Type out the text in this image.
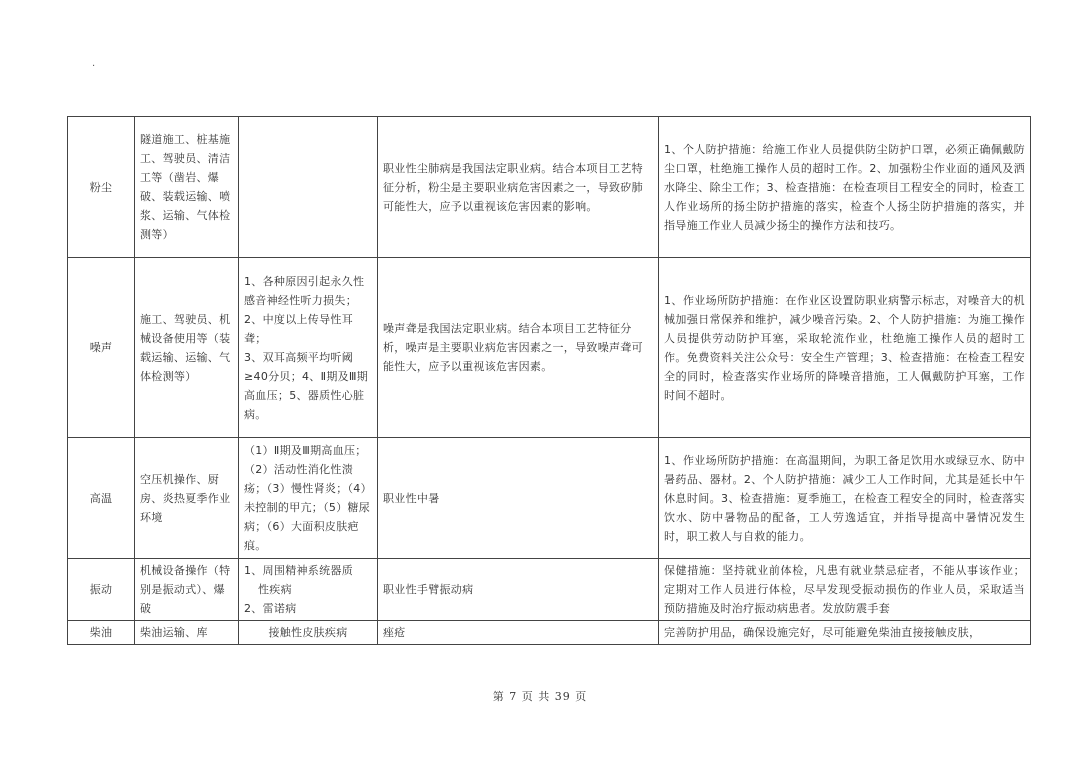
.
粉尘	隧道施工、桩基施工、驾驶员、清洁工等（凿岩、爆破、装载运输、喷浆、运输、气体检测等）		职业性尘肺病是我国法定职业病。结合本项目工艺特征分析，粉尘是主要职业病危害因素之一，导致矽肺可能性大，应予以重视该危害因素的影响。	1、个人防护措施：给施工作业人员提供防尘防护口罩，必须正确佩戴防尘口罩，杜绝施工操作人员的超时工作。2、加强粉尘作业面的通风及洒水降尘、除尘工作；3、检查措施：在检查项目工程安全的同时，检查工人作业场所的扬尘防护措施的落实，检查个人扬尘防护措施的落实，并指导施工作业人员减少扬尘的操作方法和技巧。
噪声	施工、驾驶员、机械设备使用等（装载运输、运输、气体检测等）	1、各种原因引起永久性感音神经性听力损失；
2、中度以上传导性耳聋；
3、双耳高频平均听阈≥40分贝；4、Ⅱ期及Ⅲ期高血压；5、器质性心脏病。	噪声聋是我国法定职业病。结合本项目工艺特征分析，噪声是主要职业病危害因素之一，导致噪声聋可能性大，应予以重视该危害因素。	1、作业场所防护措施：在作业区设置防职业病警示标志，对噪音大的机械加强日常保养和维护，减少噪音污染。2、个人防护措施：为施工操作人员提供劳动防护耳塞，采取轮流作业，杜绝施工操作人员的超时工作。免费资料关注公众号：安全生产管理；3、检查措施：在检查工程安全的同时，检查落实作业场所的降噪音措施，工人佩戴防护耳塞，工作时间不超时。
高温	空压机操作、厨房、炎热夏季作业环境	（1）Ⅱ期及Ⅲ期高血压；（2）活动性消化性溃疡；（3）慢性肾炎；（4）未控制的甲亢；（5）糖尿病；（6）大面积皮肤疤痕。	职业性中暑	1、作业场所防护措施：在高温期间，为职工备足饮用水或绿豆水、防中暑药品、器材。2、个人防护措施：减少工人工作时间，尤其是延长中午休息时间。3、检查措施：夏季施工，在检查工程安全的同时，检查落实饮水、防中暑物品的配备，工人劳逸适宜，并指导提高中暑情况发生时，职工救人与自救的能力。
振动	机械设备操作（特别是振动式）、爆破	1、周围精神系统器质
性疾病
2、雷诺病	职业性手臂振动病	保健措施：坚持就业前体检，凡患有就业禁忌症者，不能从事该作业；定期对工作人员进行体检，尽早发现受振动损伤的作业人员，采取适当预防措施及时治疗振动病患者。发放防震手套
柴油	柴油运输、库	接触性皮肤疾病	痤疮	完善防护用品，确保设施完好，尽可能避免柴油直接接触皮肤，
第 7 页 共 39 页
